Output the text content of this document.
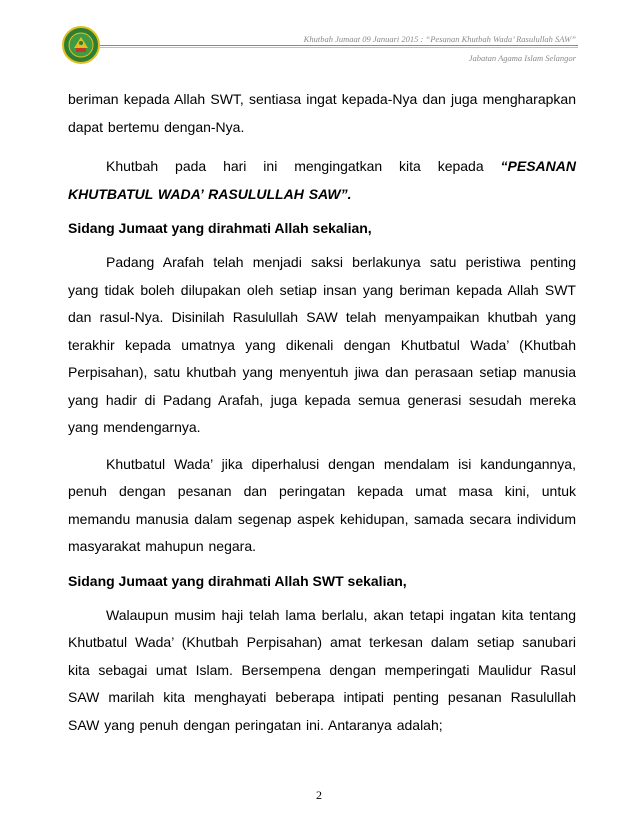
Khutbah Jumaat 09 Januari 2015 : “Pesanan Khutbah Wada’ Rasulullah SAW”
Jabatan Agama Islam Selangor

beriman kepada Allah SWT, sentiasa ingat kepada-Nya dan juga mengharapkan dapat bertemu dengan-Nya.

Khutbah pada hari ini mengingatkan kita kepada “PESANAN KHUTBATUL WADA’ RASULULLAH SAW”.

Sidang Jumaat yang dirahmati Allah sekalian,

Padang Arafah telah menjadi saksi berlakunya satu peristiwa penting yang tidak boleh dilupakan oleh setiap insan yang beriman kepada Allah SWT dan rasul-Nya. Disinilah Rasulullah SAW telah menyampaikan khutbah yang terakhir kepada umatnya yang dikenali dengan Khutbatul Wada’ (Khutbah Perpisahan), satu khutbah yang menyentuh jiwa dan perasaan setiap manusia yang hadir di Padang Arafah, juga kepada semua generasi sesudah mereka yang mendengarnya.

Khutbatul Wada’ jika diperhalusi dengan mendalam isi kandungannya, penuh dengan pesanan dan peringatan kepada umat masa kini, untuk memandu manusia dalam segenap aspek kehidupan, samada secara individum masyarakat mahupun negara.

Sidang Jumaat yang dirahmati Allah SWT sekalian,

Walaupun musim haji telah lama berlalu, akan tetapi ingatan kita tentang Khutbatul Wada’ (Khutbah Perpisahan) amat terkesan dalam setiap sanubari kita sebagai umat Islam. Bersempena dengan memperingati Maulidur Rasul SAW marilah kita menghayati beberapa intipati penting pesanan Rasulullah SAW yang penuh dengan peringatan ini. Antaranya adalah;

2
